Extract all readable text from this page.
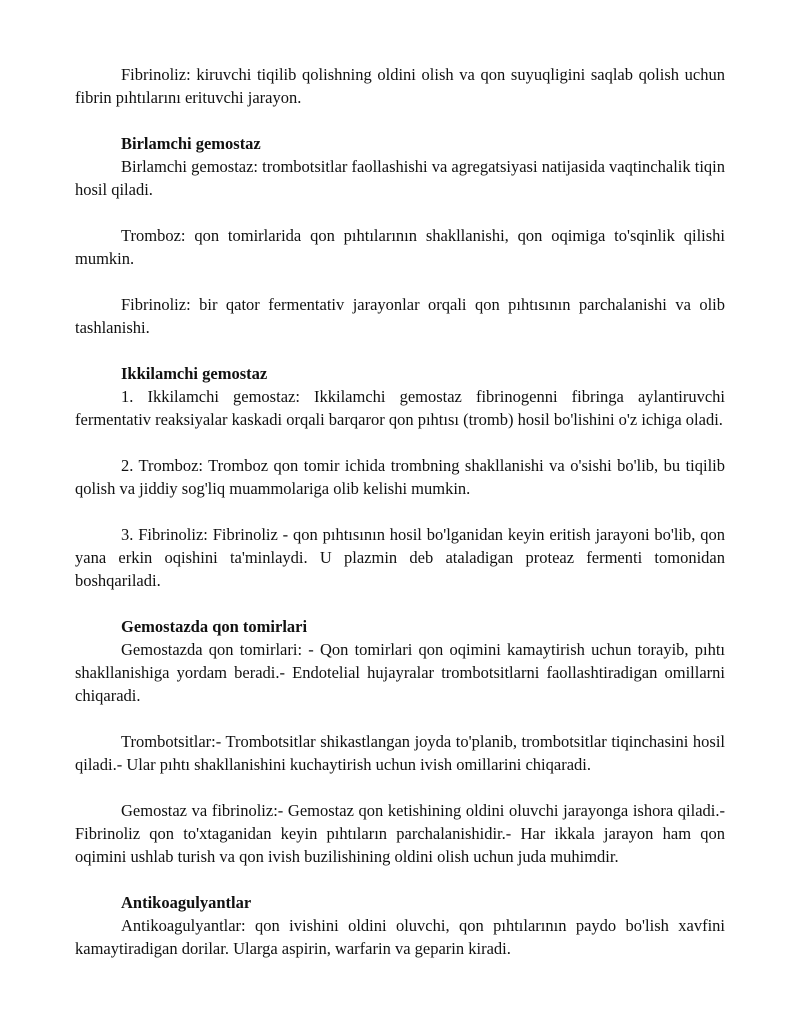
Fibrinoliz: kiruvchi tiqilib qolishning oldini olish va qon suyuqligini saqlab qolish uchun fibrin pıhtılarını erituvchi jarayon.

Birlamchi gemostaz

Birlamchi gemostaz: trombotsitlar faollashishi va agregatsiyasi natijasida vaqtinchalik tiqin hosil qiladi.

Tromboz: qon tomirlarida qon pıhtılarının shakllanishi, qon oqimiga to'sqinlik qilishi mumkin.

Fibrinoliz: bir qator fermentativ jarayonlar orqali qon pıhtısının parchalanishi va olib tashlanishi.

Ikkilamchi gemostaz

1. Ikkilamchi gemostaz: Ikkilamchi gemostaz fibrinogenni fibringa aylantiruvchi fermentativ reaksiyalar kaskadi orqali barqaror qon pıhtısı (tromb) hosil bo'lishini o'z ichiga oladi.

2. Tromboz: Tromboz qon tomir ichida trombning shakllanishi va o'sishi bo'lib, bu tiqilib qolish va jiddiy sog'liq muammolariga olib kelishi mumkin.

3. Fibrinoliz: Fibrinoliz - qon pıhtısının hosil bo'lganidan keyin eritish jarayoni bo'lib, qon yana erkin oqishini ta'minlaydi. U plazmin deb ataladigan proteaz fermenti tomonidan boshqariladi.

Gemostazda qon tomirlari

Gemostazda qon tomirlari: - Qon tomirlari qon oqimini kamaytirish uchun torayib, pıhtı shakllanishiga yordam beradi.- Endotelial hujayralar trombotsitlarni faollashtiradigan omillarni chiqaradi.

Trombotsitlar:- Trombotsitlar shikastlangan joyda to'planib, trombotsitlar tiqinchasini hosil qiladi.- Ular pıhtı shakllanishini kuchaytirish uchun ivish omillarini chiqaradi.

Gemostaz va fibrinoliz:- Gemostaz qon ketishining oldini oluvchi jarayonga ishora qiladi.- Fibrinoliz qon to'xtaganidan keyin pıhtıların parchalanishidir.- Har ikkala jarayon ham qon oqimini ushlab turish va qon ivish buzilishining oldini olish uchun juda muhimdir.

Antikoagulyantlar

Antikoagulyantlar: qon ivishini oldini oluvchi, qon pıhtılarının paydo bo'lish xavfini kamaytiradigan dorilar. Ularga aspirin, warfarin va geparin kiradi.
